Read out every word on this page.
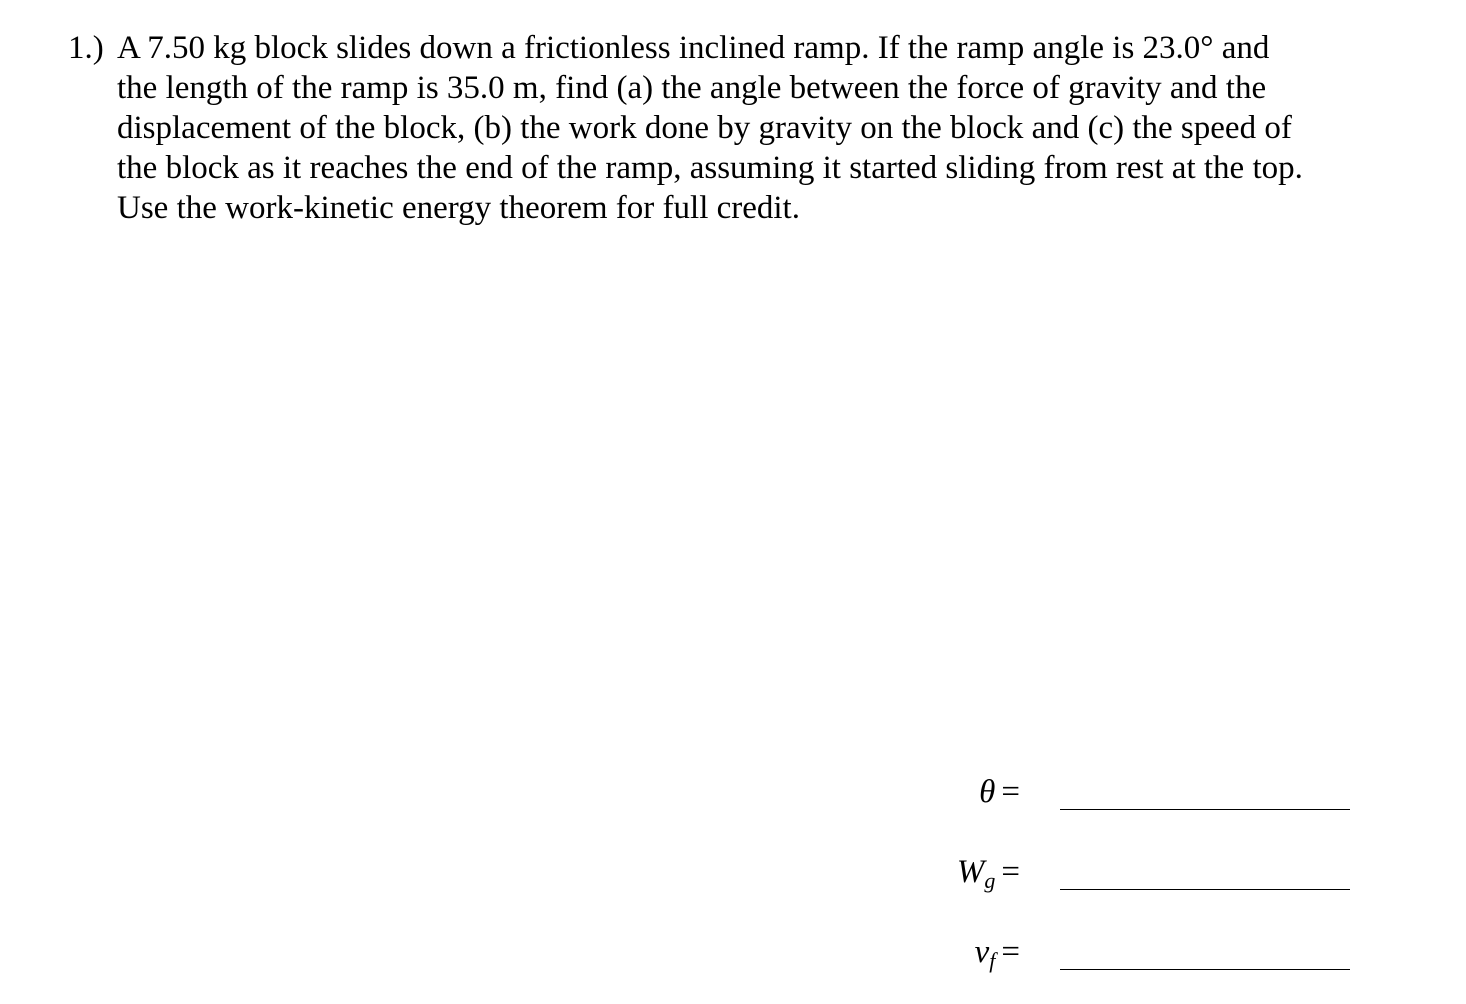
1.) A 7.50 kg block slides down a frictionless inclined ramp. If the ramp angle is 23.0° and
the length of the ramp is 35.0 m, find (a) the angle between the force of gravity and the
displacement of the block, (b) the work done by gravity on the block and (c) the speed of
the block as it reaches the end of the ramp, assuming it started sliding from rest at the top.
Use the work-kinetic energy theorem for full credit.
θ =
$W_g$ =
$v_f$ =
